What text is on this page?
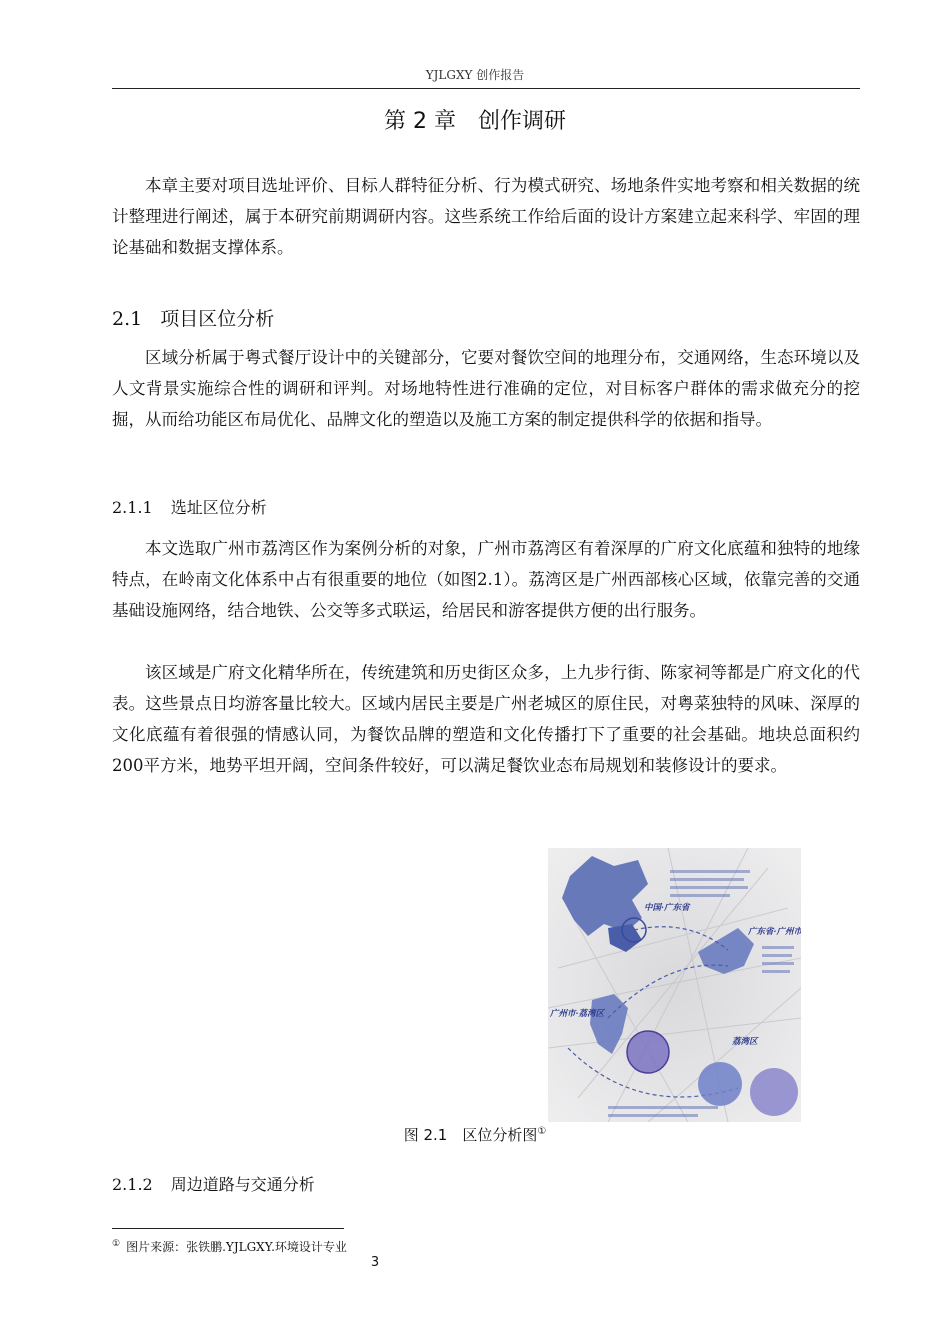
YJLGXY 创作报告
第 2 章 创作调研
本章主要对项目选址评价、目标人群特征分析、行为模式研究、场地条件实地考察和相关数据的统计整理进行阐述，属于本研究前期调研内容。这些系统工作给后面的设计方案建立起来科学、牢固的理论基础和数据支撑体系。
2.1 项目区位分析
区域分析属于粤式餐厅设计中的关键部分，它要对餐饮空间的地理分布，交通网络，生态环境以及人文背景实施综合性的调研和评判。对场地特性进行准确的定位，对目标客户群体的需求做充分的挖掘，从而给功能区布局优化、品牌文化的塑造以及施工方案的制定提供科学的依据和指导。
2.1.1 选址区位分析
本文选取广州市荔湾区作为案例分析的对象，广州市荔湾区有着深厚的广府文化底蕴和独特的地缘特点，在岭南文化体系中占有很重要的地位（如图2.1）。荔湾区是广州西部核心区域，依靠完善的交通基础设施网络，结合地铁、公交等多式联运，给居民和游客提供方便的出行服务。
该区域是广府文化精华所在，传统建筑和历史街区众多，上九步行街、陈家祠等都是广府文化的代表。这些景点日均游客量比较大。区域内居民主要是广州老城区的原住民，对粤菜独特的风味、深厚的文化底蕴有着很强的情感认同，为餐饮品牌的塑造和文化传播打下了重要的社会基础。地块总面积约200平方米，地势平坦开阔，空间条件较好，可以满足餐饮业态布局规划和装修设计的要求。
中国·广东省
广东省·广州市
广州市·荔湾区
荔湾区
图 2.1　区位分析图①
2.1.2 周边道路与交通分析
① 图片来源：张铁鹏.YJLGXY.环境设计专业
3
